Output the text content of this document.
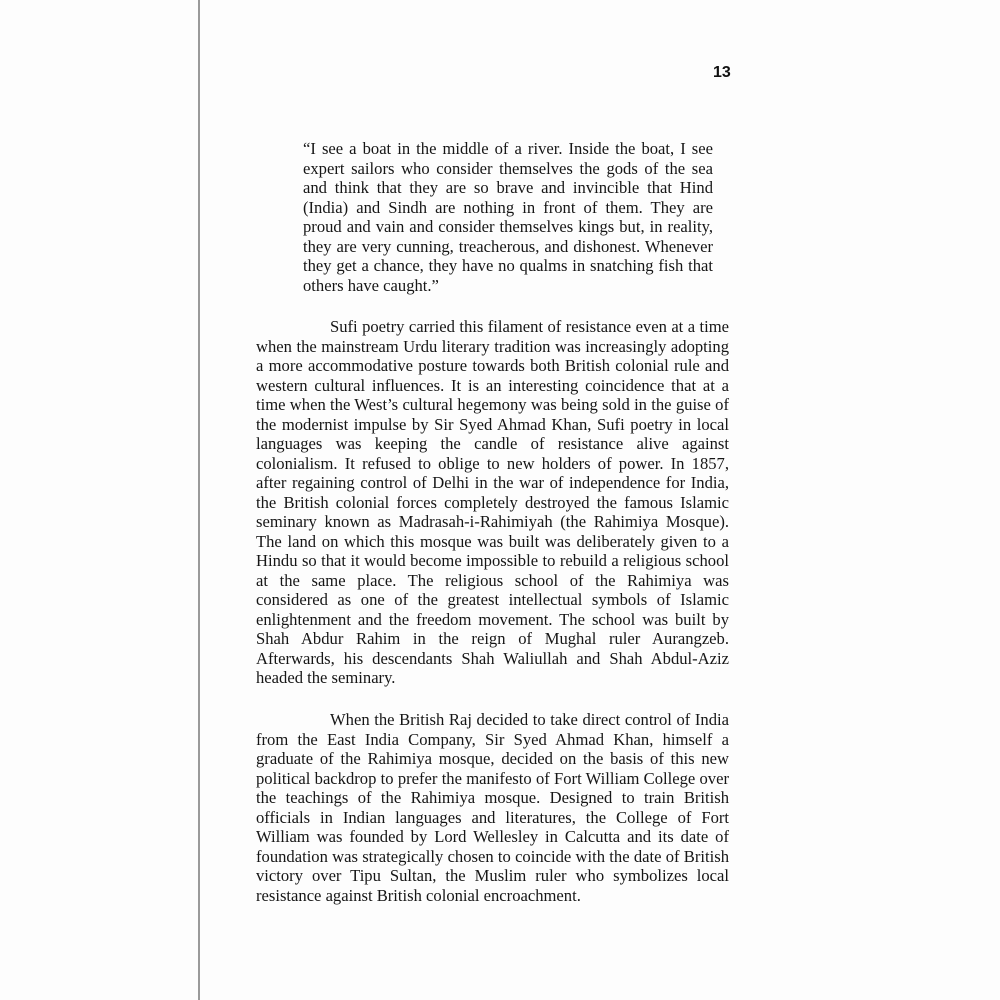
13

“I see a boat in the middle of a river. Inside the boat, I see expert sailors who consider themselves the gods of the sea and think that they are so brave and invincible that Hind (India) and Sindh are nothing in front of them. They are proud and vain and consider themselves kings but, in reality, they are very cunning, treacherous, and dishonest. Whenever they get a chance, they have no qualms in snatching fish that others have caught.”

Sufi poetry carried this filament of resistance even at a time when the mainstream Urdu literary tradition was increasingly adopting a more accommodative posture towards both British colonial rule and western cultural influences. It is an interesting coincidence that at a time when the West’s cultural hegemony was being sold in the guise of the modernist impulse by Sir Syed Ahmad Khan, Sufi poetry in local languages was keeping the candle of resistance alive against colonialism. It refused to oblige to new holders of power. In 1857, after regaining control of Delhi in the war of independence for India, the British colonial forces completely destroyed the famous Islamic seminary known as Madrasah-i-Rahimiyah (the Rahimiya Mosque). The land on which this mosque was built was deliberately given to a Hindu so that it would become impossible to rebuild a religious school at the same place. The religious school of the Rahimiya was considered as one of the greatest intellectual symbols of Islamic enlightenment and the freedom movement. The school was built by Shah Abdur Rahim in the reign of Mughal ruler Aurangzeb. Afterwards, his descendants Shah Waliullah and Shah Abdul-Aziz headed the seminary.

When the British Raj decided to take direct control of India from the East India Company, Sir Syed Ahmad Khan, himself a graduate of the Rahimiya mosque, decided on the basis of this new political backdrop to prefer the manifesto of Fort William College over the teachings of the Rahimiya mosque. Designed to train British officials in Indian languages and literatures, the College of Fort William was founded by Lord Wellesley in Calcutta and its date of foundation was strategically chosen to coincide with the date of British victory over Tipu Sultan, the Muslim ruler who symbolizes local resistance against British colonial encroachment.
